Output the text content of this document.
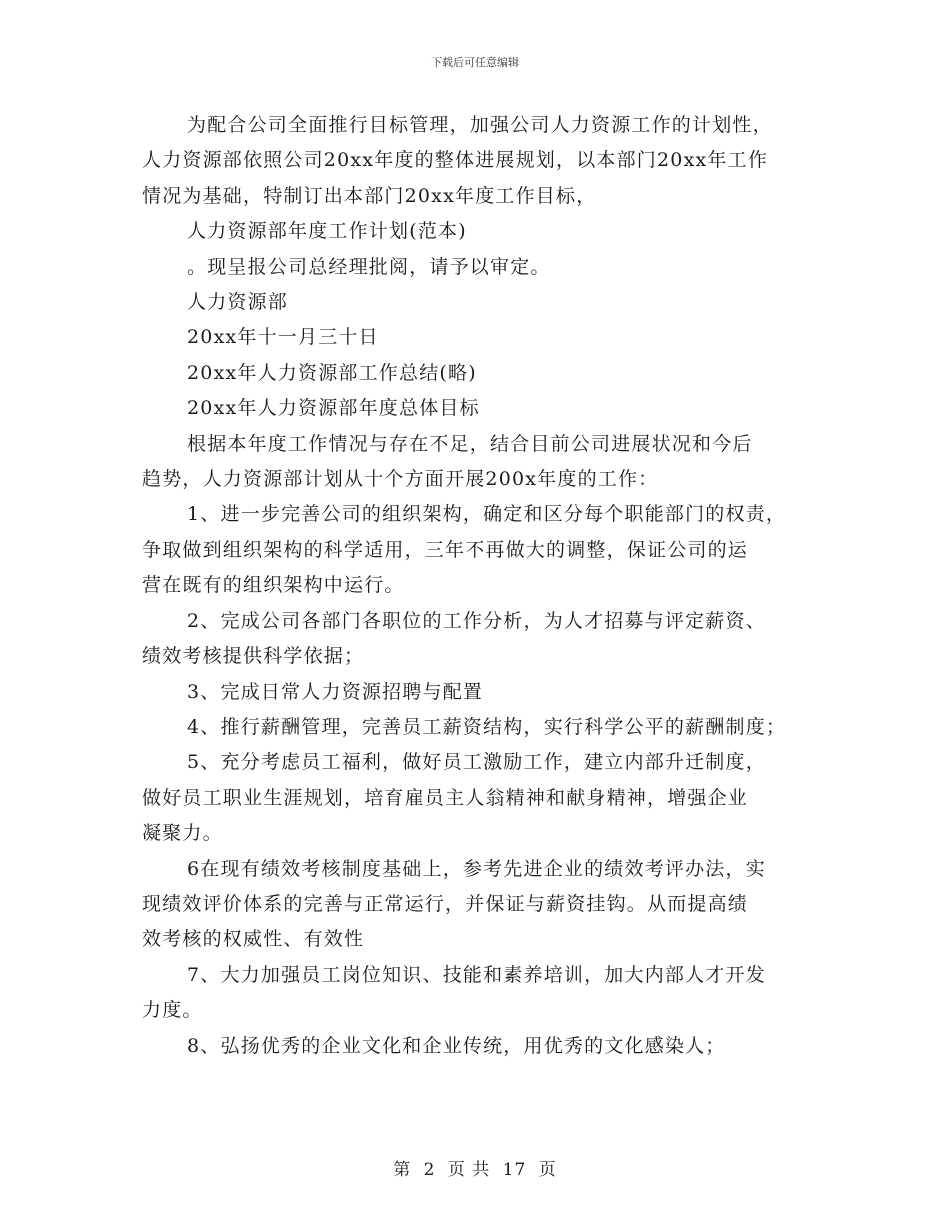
下载后可任意编辑

为配合公司全面推行目标管理，加强公司人力资源工作的计划性，
人力资源部依照公司20xx年度的整体进展规划，以本部门20xx年工作
情况为基础，特制订出本部门20xx年度工作目标，

人力资源部年度工作计划(范本)

。现呈报公司总经理批阅，请予以审定。

人力资源部

20xx年十一月三十日

20xx年人力资源部工作总结(略)

20xx年人力资源部年度总体目标

根据本年度工作情况与存在不足，结合目前公司进展状况和今后
趋势，人力资源部计划从十个方面开展200x年度的工作：

1、进一步完善公司的组织架构，确定和区分每个职能部门的权责，
争取做到组织架构的科学适用，三年不再做大的调整，保证公司的运
营在既有的组织架构中运行。

2、完成公司各部门各职位的工作分析，为人才招募与评定薪资、
绩效考核提供科学依据；

3、完成日常人力资源招聘与配置

4、推行薪酬管理，完善员工薪资结构，实行科学公平的薪酬制度；

5、充分考虑员工福利，做好员工激励工作，建立内部升迁制度，
做好员工职业生涯规划，培育雇员主人翁精神和献身精神，增强企业
凝聚力。

6在现有绩效考核制度基础上，参考先进企业的绩效考评办法，实
现绩效评价体系的完善与正常运行，并保证与薪资挂钩。从而提高绩
效考核的权威性、有效性

7、大力加强员工岗位知识、技能和素养培训，加大内部人才开发
力度。

8、弘扬优秀的企业文化和企业传统，用优秀的文化感染人；

第 2 页 共 17 页
